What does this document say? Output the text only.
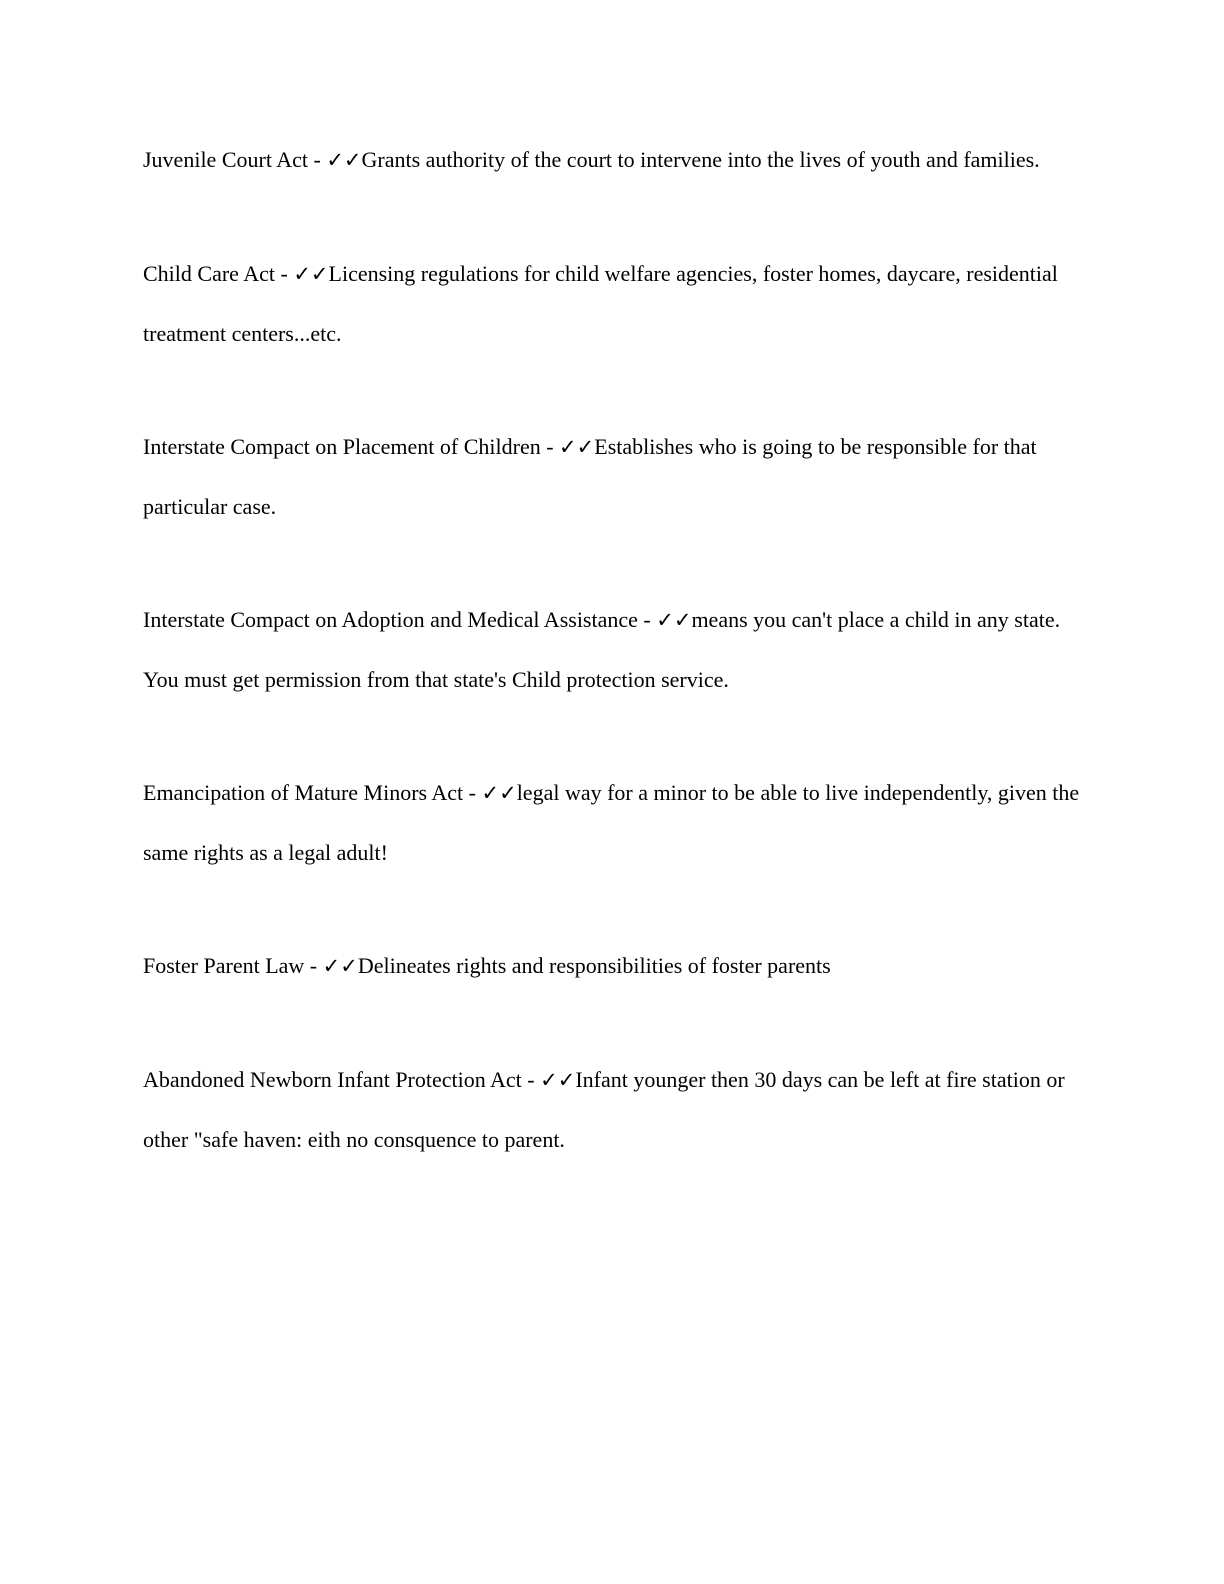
Juvenile Court Act - ✓✓Grants authority of the court to intervene into the lives of youth and families.

Child Care Act - ✓✓Licensing regulations for child welfare agencies, foster homes, daycare, residential treatment centers...etc.

Interstate Compact on Placement of Children - ✓✓Establishes who is going to be responsible for that particular case.

Interstate Compact on Adoption and Medical Assistance - ✓✓means you can't place a child in any state. You must get permission from that state's Child protection service.

Emancipation of Mature Minors Act - ✓✓legal way for a minor to be able to live independently, given the same rights as a legal adult!

Foster Parent Law - ✓✓Delineates rights and responsibilities of foster parents

Abandoned Newborn Infant Protection Act - ✓✓Infant younger then 30 days can be left at fire station or other "safe haven: eith no consquence to parent.
